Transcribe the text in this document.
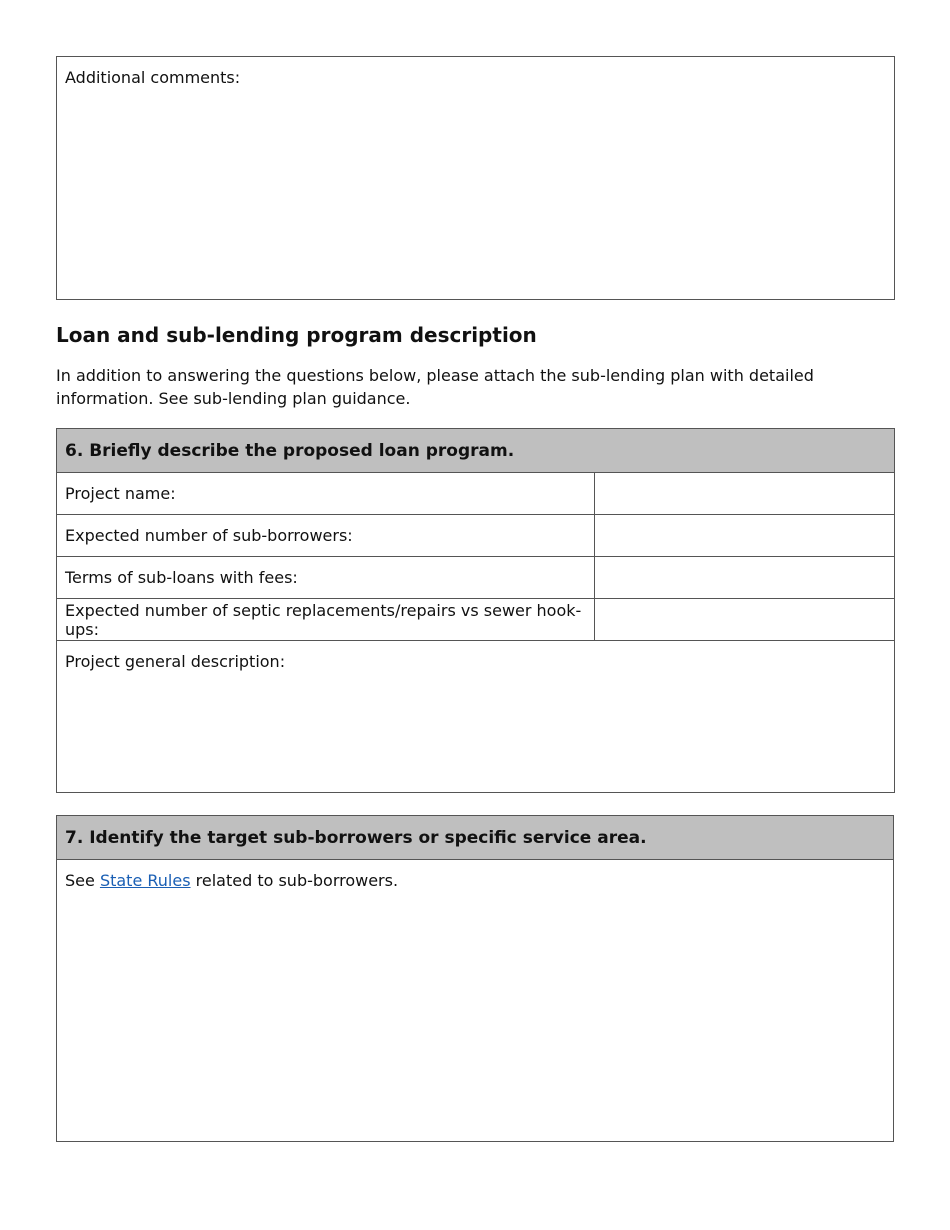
Additional comments:
Loan and sub-lending program description

In addition to answering the questions below, please attach the sub-lending plan with detailed information. See sub-lending plan guidance.

6. Briefly describe the proposed loan program.	
Project name:	
Expected number of sub-borrowers:	
Terms of sub-loans with fees:	
Expected number of septic replacements/repairs vs sewer hook-ups:	
Project general description:	
7. Identify the target sub-borrowers or specific service area.
See State Rules related to sub-borrowers.
